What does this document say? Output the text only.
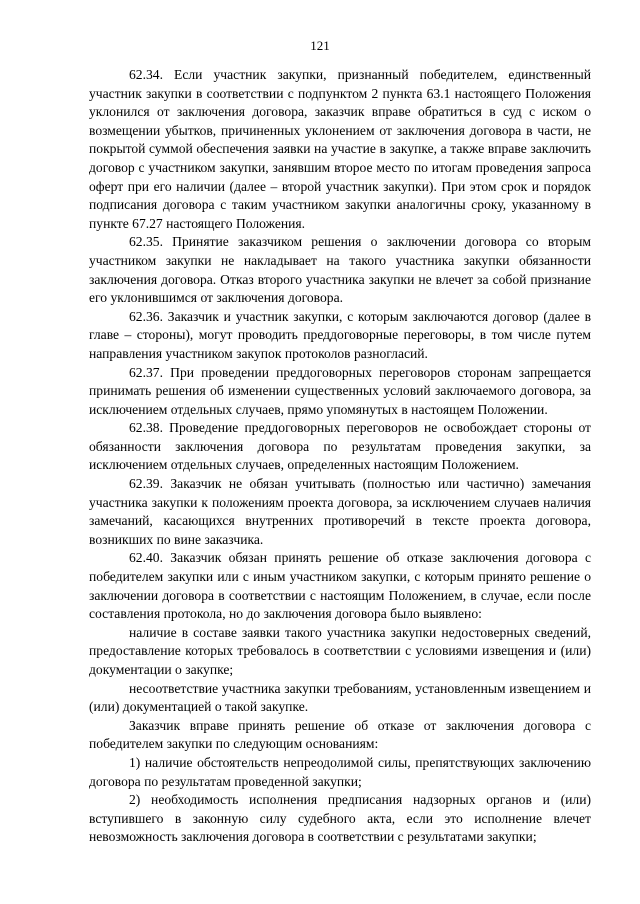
121

62.34. Если участник закупки, признанный победителем, единственный участник закупки в соответствии с подпунктом 2 пункта 63.1 настоящего Положения уклонился от заключения договора, заказчик вправе обратиться в суд с иском о возмещении убытков, причиненных уклонением от заключения договора в части, не покрытой суммой обеспечения заявки на участие в закупке, а также вправе заключить договор с участником закупки, занявшим второе место по итогам проведения запроса оферт при его наличии (далее – второй участник закупки). При этом срок и порядок подписания договора с таким участником закупки аналогичны сроку, указанному в пункте 67.27 настоящего Положения.

62.35. Принятие заказчиком решения о заключении договора со вторым участником закупки не накладывает на такого участника закупки обязанности заключения договора. Отказ второго участника закупки не влечет за собой признание его уклонившимся от заключения договора.

62.36. Заказчик и участник закупки, с которым заключаются договор (далее в главе – стороны), могут проводить преддоговорные переговоры, в том числе путем направления участником закупок протоколов разногласий.

62.37. При проведении преддоговорных переговоров сторонам запрещается принимать решения об изменении существенных условий заключаемого договора, за исключением отдельных случаев, прямо упомянутых в настоящем Положении.

62.38. Проведение преддоговорных переговоров не освобождает стороны от обязанности заключения договора по результатам проведения закупки, за исключением отдельных случаев, определенных настоящим Положением.

62.39. Заказчик не обязан учитывать (полностью или частично) замечания участника закупки к положениям проекта договора, за исключением случаев наличия замечаний, касающихся внутренних противоречий в тексте проекта договора, возникших по вине заказчика.

62.40. Заказчик обязан принять решение об отказе заключения договора с победителем закупки или с иным участником закупки, с которым принято решение о заключении договора в соответствии с настоящим Положением, в случае, если после составления протокола, но до заключения договора было выявлено:

наличие в составе заявки такого участника закупки недостоверных сведений, предоставление которых требовалось в соответствии с условиями извещения и (или) документации о закупке;

несоответствие участника закупки требованиям, установленным извещением и (или) документацией о такой закупке.

Заказчик вправе принять решение об отказе от заключения договора с победителем закупки по следующим основаниям:

1) наличие обстоятельств непреодолимой силы, препятствующих заключению договора по результатам проведенной закупки;

2) необходимость исполнения предписания надзорных органов и (или) вступившего в законную силу судебного акта, если это исполнение влечет невозможность заключения договора в соответствии с результатами закупки;
